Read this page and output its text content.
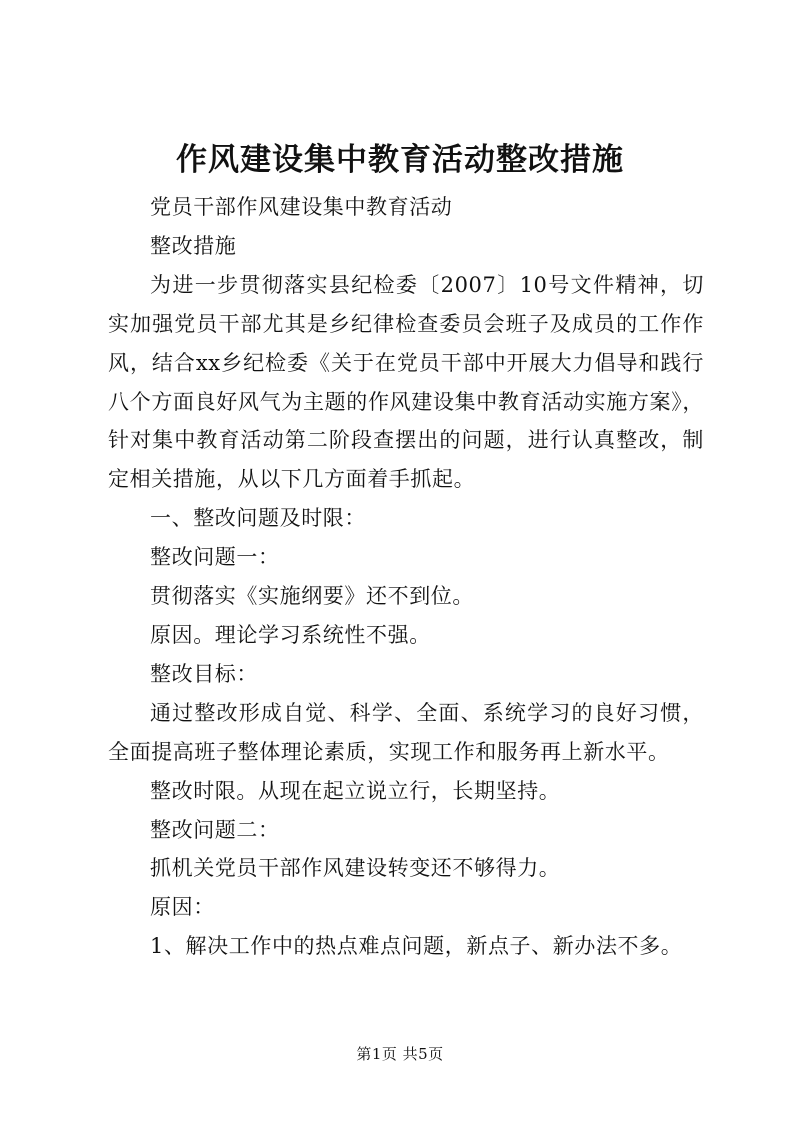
作风建设集中教育活动整改措施

党员干部作风建设集中教育活动

整改措施

为进一步贯彻落实县纪检委〔2007〕10号文件精神，切实加强党员干部尤其是乡纪律检查委员会班子及成员的工作作风，结合xx乡纪检委《关于在党员干部中开展大力倡导和践行八个方面良好风气为主题的作风建设集中教育活动实施方案》，针对集中教育活动第二阶段查摆出的问题，进行认真整改，制定相关措施，从以下几方面着手抓起。

一、整改问题及时限：

整改问题一：

贯彻落实《实施纲要》还不到位。

原因。理论学习系统性不强。

整改目标：

通过整改形成自觉、科学、全面、系统学习的良好习惯，全面提高班子整体理论素质，实现工作和服务再上新水平。

整改时限。从现在起立说立行，长期坚持。

整改问题二：

抓机关党员干部作风建设转变还不够得力。

原因：

1、解决工作中的热点难点问题，新点子、新办法不多。

第1页 共5页
